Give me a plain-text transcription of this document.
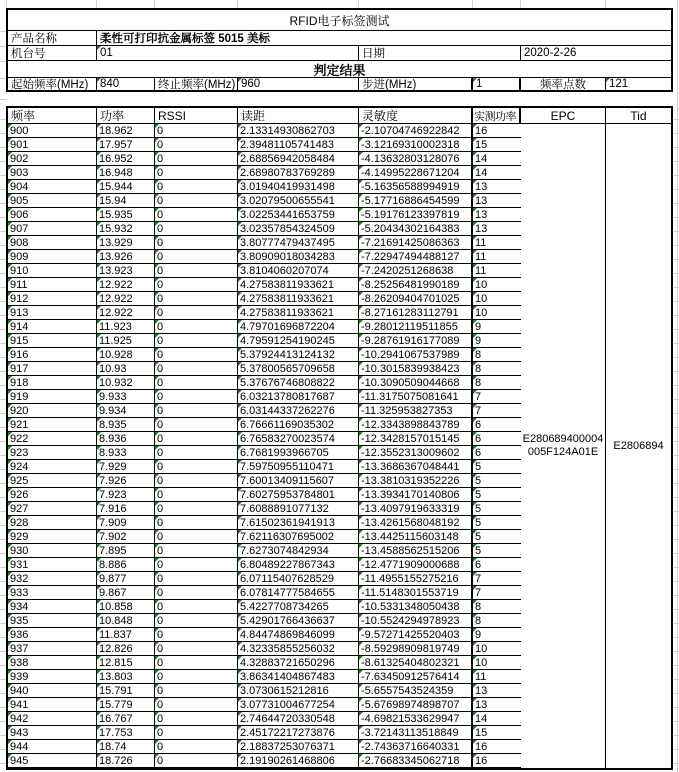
RFID电子标签测试
产品名称	柔性可打印抗金属标签 5015 美标
机台号	01	日期	2020-2-26
判定结果
起始频率(MHz)	840	终止频率(MHz) 960	步进(MHz)	1	频率点数	121
频率	功率	RSSI	读距	灵敏度	实测功率	EPC	Tid
900	18.962	0	2.13314930862703	-2.10704746922842	16
901	17.957	0	2.39481105741483	-3.12169310002318	15
902	16.952	0	2.68856942058484	-4.13632803128076	14
903	16.948	0	2.68980783769289	-4.14995228671204	14
904	15.944	0	3.01940419931498	-5.16356588994919	13
905	15.94	0	3.02079500655541	-5.17716886454599	13
906	15.935	0	3.02253441653759	-5.19176123397819	13
907	15.932	0	3.02357854324509	-5.20434302164383	13
908	13.929	0	3.80777479437495	-7.21691425086363	11
909	13.926	0	3.80909018034283	-7.22947494488127	11
910	13.923	0	3.8104060207074	-7.2420251268638	11
911	12.922	0	4.27583811933621	-8.25256481990189	10
912	12.922	0	4.27583811933621	-8.26209404701025	10
913	12.922	0	4.27583811933621	-8.27161283112791	10
914	11.923	0	4.79701696872204	-9.28012119511855	9
915	11.925	0	4.79591254190245	-9.28761916177089	9
916	10.928	0	5.37924413124132	-10.2941067537989	8
917	10.93	0	5.37800565709658	-10.3015839938423	8
918	10.932	0	5.37676746808822	-10.3090509044668	8
919	9.933	0	6.03213780817687	-11.3175075081641	7
920	9.934	0	6.03144337262276	-11.325953827353	7
921	8.935	0	6.76661169035302	-12.3343898843789	6
922	8.936	0	6.76583270023574	-12.3428157015145	6
923	8.933	0	6.7681993966705	-12.3552313009602	6
924	7.929	0	7.59750955110471	-13.3686367048441	5
925	7.926	0	7.60013409115607	-13.3810319352226	5
926	7.923	0	7.60275953784801	-13.3934170140806	5
927	7.916	0	7.6088891077132	-13.4097919633319	5
928	7.909	0	7.61502361941913	-13.4261568048192	5
929	7.902	0	7.62116307695002	-13.4425115603148	5
930	7.895	0	7.6273074842934	-13.4588562515206	5
931	8.886	0	6.80489227867343	-12.4771909000688	6
932	9.877	0	6.07115407628529	-11.4955155275216	7
933	9.867	0	6.07814777584655	-11.5148301553719	7
934	10.858	0	5.4227708734265	-10.5331348050438	8
935	10.848	0	5.42901766436637	-10.5524294978923	8
936	11.837	0	4.84474869846099	-9.57271425520403	9
937	12.826	0	4.32335855256032	-8.59298909819749	10
938	12.815	0	4.32883721650296	-8.61325404802321	10
939	13.803	0	3.86341404867483	-7.63450912576414	11
940	15.791	0	3.0730615212816	-5.6557543524359	13
941	15.779	0	3.07731004677254	-5.67698974898707	13
942	16.767	0	2.74644720330548	-4.69821533629947	14
943	17.753	0	2.45172217273876	-3.72143113518849	15
944	18.74	0	2.18837253076371	-2.74363716640331	16
945	18.726	0	2.19190261468806	-2.76683345062718	16
E280689400004
005F124A01E
E2806894
